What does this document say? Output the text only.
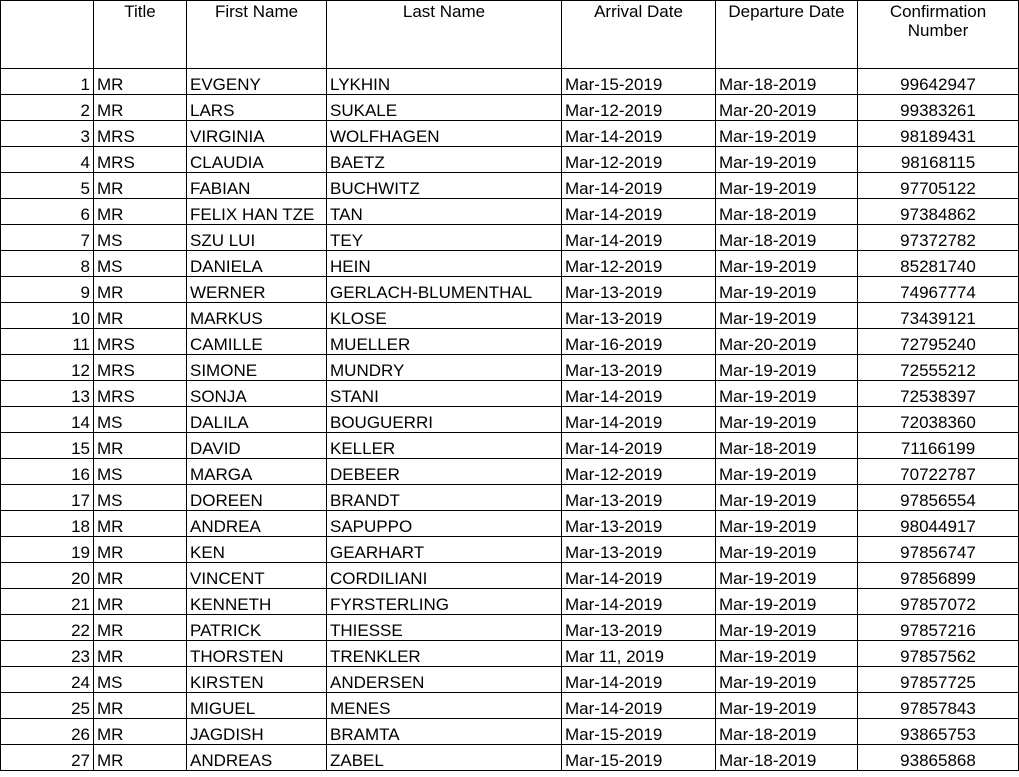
	Title	First Name	Last Name	Arrival Date	Departure Date	Confirmation Number
1	MR	EVGENY	LYKHIN	Mar-15-2019	Mar-18-2019	99642947
2	MR	LARS	SUKALE	Mar-12-2019	Mar-20-2019	99383261
3	MRS	VIRGINIA	WOLFHAGEN	Mar-14-2019	Mar-19-2019	98189431
4	MRS	CLAUDIA	BAETZ	Mar-12-2019	Mar-19-2019	98168115
5	MR	FABIAN	BUCHWITZ	Mar-14-2019	Mar-19-2019	97705122
6	MR	FELIX HAN TZE	TAN	Mar-14-2019	Mar-18-2019	97384862
7	MS	SZU LUI	TEY	Mar-14-2019	Mar-18-2019	97372782
8	MS	DANIELA	HEIN	Mar-12-2019	Mar-19-2019	85281740
9	MR	WERNER	GERLACH-BLUMENTHAL	Mar-13-2019	Mar-19-2019	74967774
10	MR	MARKUS	KLOSE	Mar-13-2019	Mar-19-2019	73439121
11	MRS	CAMILLE	MUELLER	Mar-16-2019	Mar-20-2019	72795240
12	MRS	SIMONE	MUNDRY	Mar-13-2019	Mar-19-2019	72555212
13	MRS	SONJA	STANI	Mar-14-2019	Mar-19-2019	72538397
14	MS	DALILA	BOUGUERRI	Mar-14-2019	Mar-19-2019	72038360
15	MR	DAVID	KELLER	Mar-14-2019	Mar-18-2019	71166199
16	MS	MARGA	DEBEER	Mar-12-2019	Mar-19-2019	70722787
17	MS	DOREEN	BRANDT	Mar-13-2019	Mar-19-2019	97856554
18	MR	ANDREA	SAPUPPO	Mar-13-2019	Mar-19-2019	98044917
19	MR	KEN	GEARHART	Mar-13-2019	Mar-19-2019	97856747
20	MR	VINCENT	CORDILIANI	Mar-14-2019	Mar-19-2019	97856899
21	MR	KENNETH	FYRSTERLING	Mar-14-2019	Mar-19-2019	97857072
22	MR	PATRICK	THIESSE	Mar-13-2019	Mar-19-2019	97857216
23	MR	THORSTEN	TRENKLER	Mar 11, 2019	Mar-19-2019	97857562
24	MS	KIRSTEN	ANDERSEN	Mar-14-2019	Mar-19-2019	97857725
25	MR	MIGUEL	MENES	Mar-14-2019	Mar-19-2019	97857843
26	MR	JAGDISH	BRAMTA	Mar-15-2019	Mar-18-2019	93865753
27	MR	ANDREAS	ZABEL	Mar-15-2019	Mar-18-2019	93865868
